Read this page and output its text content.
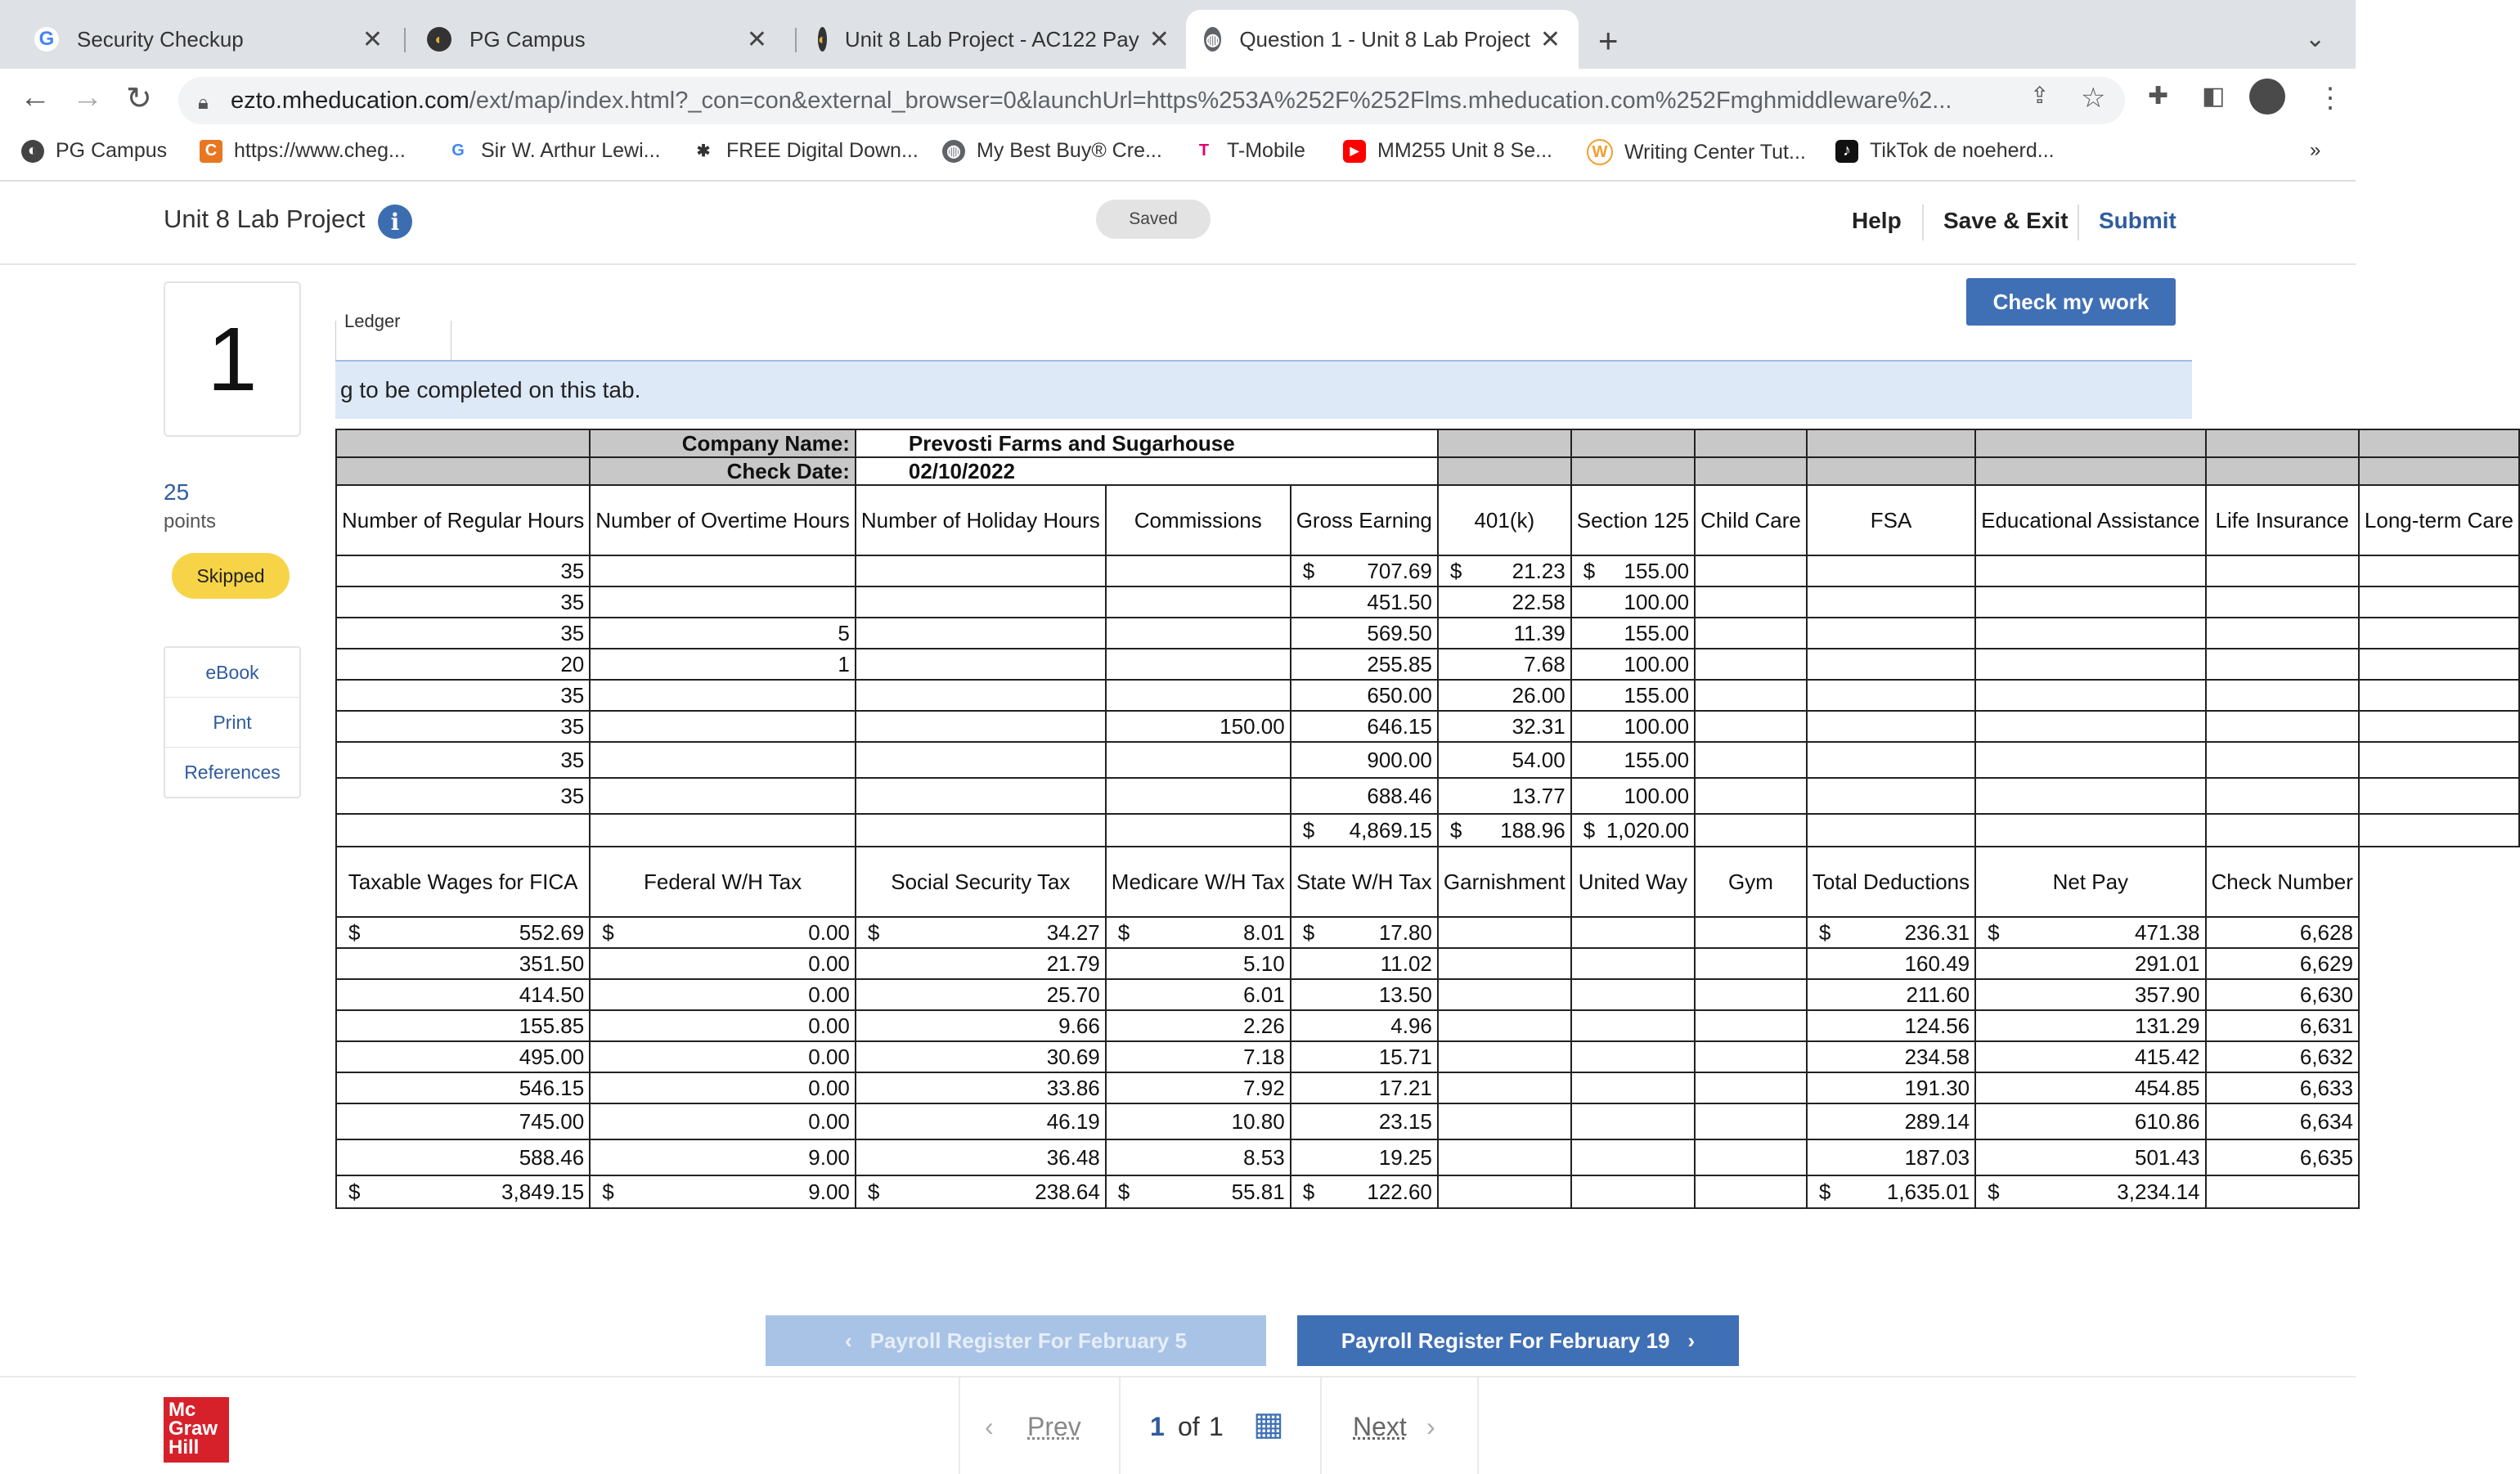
G Security Checkup	✕	◐	PG Campus	✕	◐ Unit 8 Lab Project - AC122 Pay ✕ ◍ Question 1 - Unit 8 Lab Project ✕ +	⌄
← → ↻ 🔒︎ ezto.mheducation.com/ext/map/index.html?_con=con&external_browser=0&launchUrl=https%253A%252F%252Flms.mheducation.com%252Fmghmiddleware%2...	⇪ ☆ ✚ ◧	⋮
◐ PG Campus	C https://www.cheg...	G Sir W. Arthur Lewi... ✱ FREE Digital Down... ◍ My Best Buy® Cre...	T T-Mobile	▶ MM255 Unit 8 Se...	W Writing Center Tut...	♪ TikTok de noeherd...	»
Unit 8 Lab Project	i	Saved	Help Save & Exit Submit
1
25
points
Skipped
eBook
Print
References
Check my work
Ledger
g to be completed on this tab.
	Company Name:	Prevosti Farms and Sugarhouse									
	Check Date:	02/10/2022									
Number of Regular Hours	Number of Overtime Hours	Number of Holiday Hours	Commissions	Gross Earning	401(k)	Section 125	Child Care	FSA	Educational Assistance	Life Insurance	Long-term Care
35				$ 707.69	$ 21.23	$ 155.00					
35				451.50	22.58	100.00					
35	5			569.50	11.39	155.00					
20	1			255.85	7.68	100.00					
35				650.00	26.00	155.00					
35			150.00	646.15	32.31	100.00					
35				900.00	54.00	155.00					
35				688.46	13.77	100.00					

				$ 4,869.15	$ 188.96	$ 1,020.00					
Taxable Wages for FICA	Federal W/H Tax	Social Security Tax	Medicare W/H Tax	State W/H Tax	Garnishment	United Way	Gym	Total Deductions	Net Pay	Check Number	

$ 552.69	$ 0.00	$ 34.27	$ 8.01	$ 17.80				$ 236.31	$ 471.38	6,628	
351.50	0.00	21.79	5.10	11.02				160.49	291.01	6,629	
414.50	0.00	25.70	6.01	13.50				211.60	357.90	6,630	
155.85	0.00	9.66	2.26	4.96				124.56	131.29	6,631	
495.00	0.00	30.69	7.18	15.71				234.58	415.42	6,632	
546.15	0.00	33.86	7.92	17.21				191.30	454.85	6,633	
745.00	0.00	46.19	10.80	23.15				289.14	610.86	6,634	
588.46	9.00	36.48	8.53	19.25				187.03	501.43	6,635	

$ 3,849.15	$ 9.00	$ 238.64	$ 55.81	$ 122.60				$ 1,635.01	$ 3,234.14		
‹ Payroll Register For February 5	Payroll Register For February 19 ›
Mc Graw Hill
‹ Prev	1 of 1 ▦	Next ›
